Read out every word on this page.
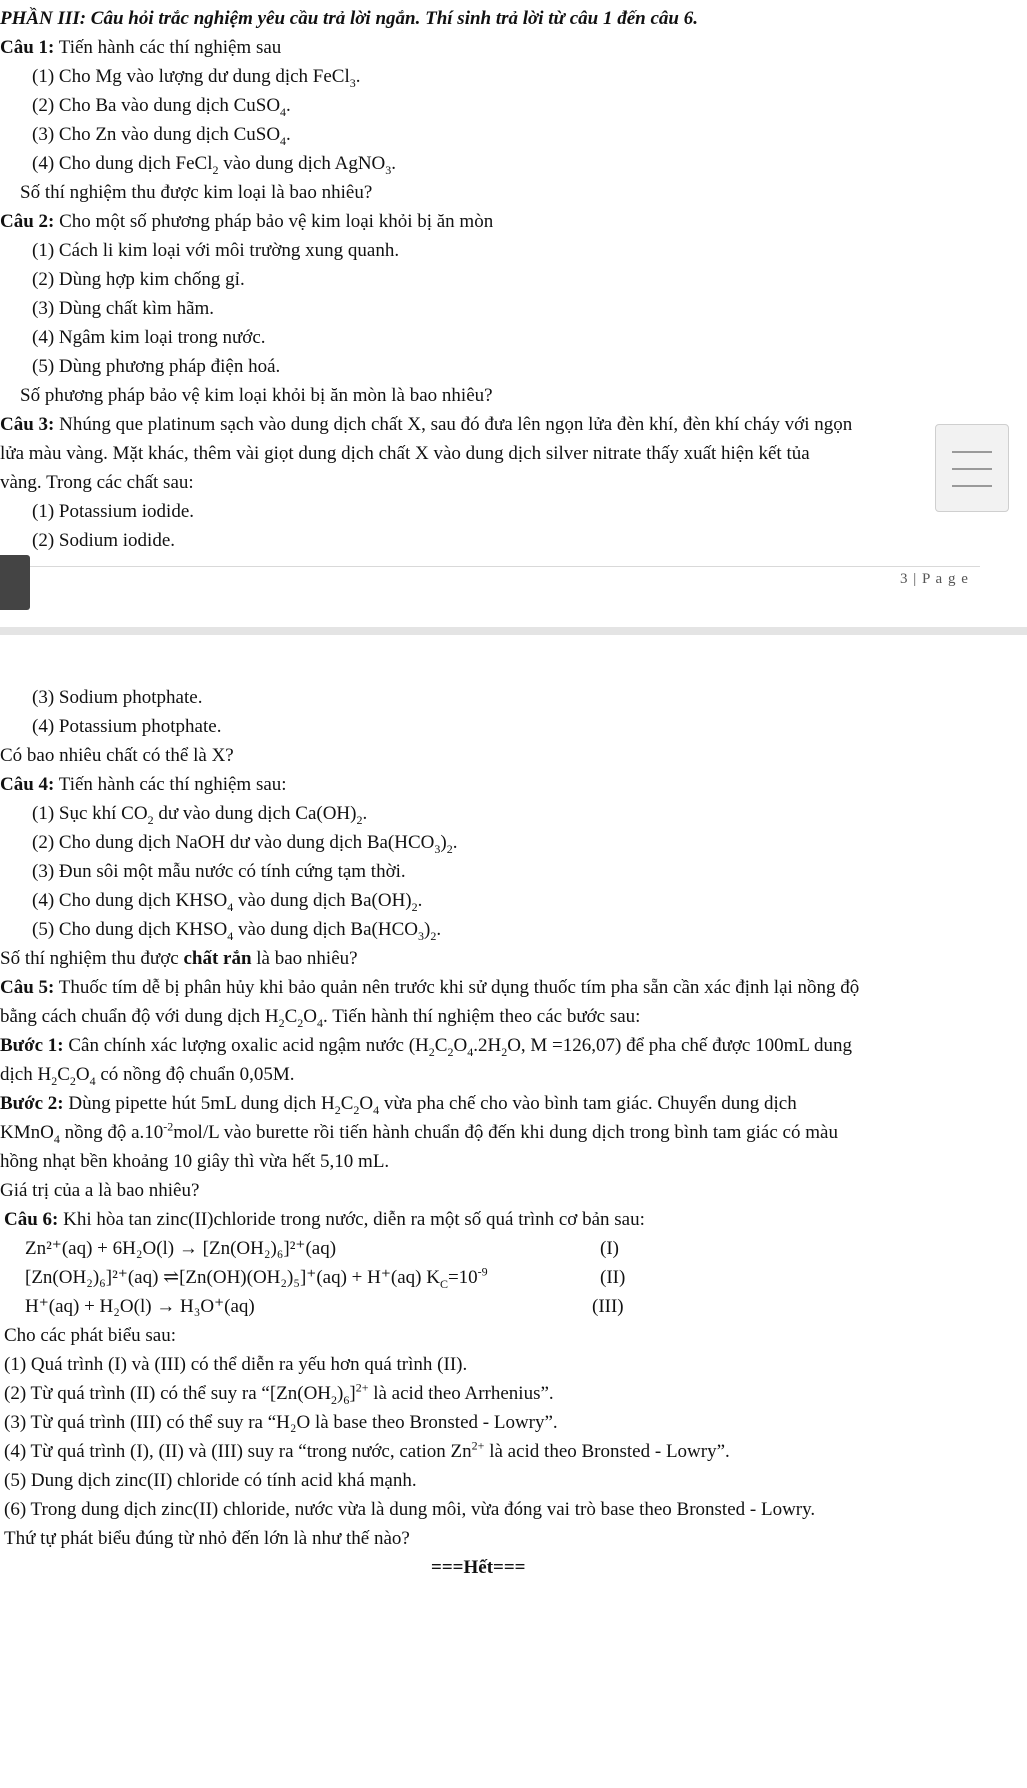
PHẦN III: Câu hỏi trắc nghiệm yêu cầu trả lời ngắn. Thí sinh trả lời từ câu 1 đến câu 6.
Câu 1: Tiến hành các thí nghiệm sau
(1) Cho Mg vào lượng dư dung dịch FeCl$_3$.
(2) Cho Ba vào dung dịch CuSO$_4$.
(3) Cho Zn vào dung dịch CuSO$_4$.
(4) Cho dung dịch FeCl$_2$ vào dung dịch AgNO$_3$.
Số thí nghiệm thu được kim loại là bao nhiêu?
Câu 2: Cho một số phương pháp bảo vệ kim loại khỏi bị ăn mòn
(1) Cách li kim loại với môi trường xung quanh.
(2) Dùng hợp kim chống gỉ.
(3) Dùng chất kìm hãm.
(4) Ngâm kim loại trong nước.
(5) Dùng phương pháp điện hoá.
Số phương pháp bảo vệ kim loại khỏi bị ăn mòn là bao nhiêu?
Câu 3: Nhúng que platinum sạch vào dung dịch chất X, sau đó đưa lên ngọn lửa đèn khí, đèn khí cháy với ngọn
lửa màu vàng. Mặt khác, thêm vài giọt dung dịch chất X vào dung dịch silver nitrate thấy xuất hiện kết tủa
vàng. Trong các chất sau:
(1) Potassium iodide.
(2) Sodium iodide.
3 | P a g e
(3) Sodium photphate.
(4) Potassium photphate.
Có bao nhiêu chất có thể là X?
Câu 4: Tiến hành các thí nghiệm sau:
(1) Sục khí $CO_2$ dư vào dung dịch $Ca(OH)_2$.
(2) Cho dung dịch NaOH dư vào dung dịch $Ba(HCO_3)_2$.
(3) Đun sôi một mẫu nước có tính cứng tạm thời.
(4) Cho dung dịch $KHSO_4$ vào dung dịch $Ba(OH)_2$.
(5) Cho dung dịch $KHSO_4$ vào dung dịch $Ba(HCO_3)_2$.
Số thí nghiệm thu được chất rắn là bao nhiêu?
Câu 5: Thuốc tím dễ bị phân hủy khi bảo quản nên trước khi sử dụng thuốc tím pha sẵn cần xác định lại nồng độ
bằng cách chuẩn độ với dung dịch $H_2C_2O_4$. Tiến hành thí nghiệm theo các bước sau:
Bước 1: Cân chính xác lượng oxalic acid ngậm nước ($H_2C_2O_4.2H_2O$, M =126,07) để pha chế được 100mL dung
dịch $H_2C_2O_4$ có nồng độ chuẩn 0,05M.
Bước 2: Dùng pipette hút 5mL dung dịch $H_2C_2O_4$ vừa pha chế cho vào bình tam giác. Chuyển dung dịch
KMnO$_4$ nồng độ $a.10^{-2}mol/L$ vào burette rồi tiến hành chuẩn độ đến khi dung dịch trong bình tam giác có màu
hồng nhạt bền khoảng 10 giây thì vừa hết 5,10 mL.
Giá trị của a là bao nhiêu?
Câu 6: Khi hòa tan zinc(II)chloride trong nước, diễn ra một số quá trình cơ bản sau:
Zn²⁺(aq) + 6H₂O(l) → [Zn(OH₂)₆]²⁺(aq)	(I)
[Zn(OH₂)₆]²⁺(aq) ⇌[Zn(OH)(OH₂)₅]⁺(aq) + H⁺(aq) $K_C=10^{-9}$	(II)
H⁺(aq) + H₂O(l) → H₃O⁺(aq)	(III)
Cho các phát biểu sau:
(1) Quá trình (I) và (III) có thể diễn ra yếu hơn quá trình (II).
(2) Từ quá trình (II) có thể suy ra “$[Zn(OH_2)_6]^{2+}$ là acid theo Arrhenius”.
(3) Từ quá trình (III) có thể suy ra “H₂O là base theo Bronsted - Lowry”.
(4) Từ quá trình (I), (II) và (III) suy ra “trong nước, cation $Zn^{2+}$ là acid theo Bronsted - Lowry”.
(5) Dung dịch zinc(II) chloride có tính acid khá mạnh.
(6) Trong dung dịch zinc(II) chloride, nước vừa là dung môi, vừa đóng vai trò base theo Bronsted - Lowry.
Thứ tự phát biểu đúng từ nhỏ đến lớn là như thế nào?
===Hết===
